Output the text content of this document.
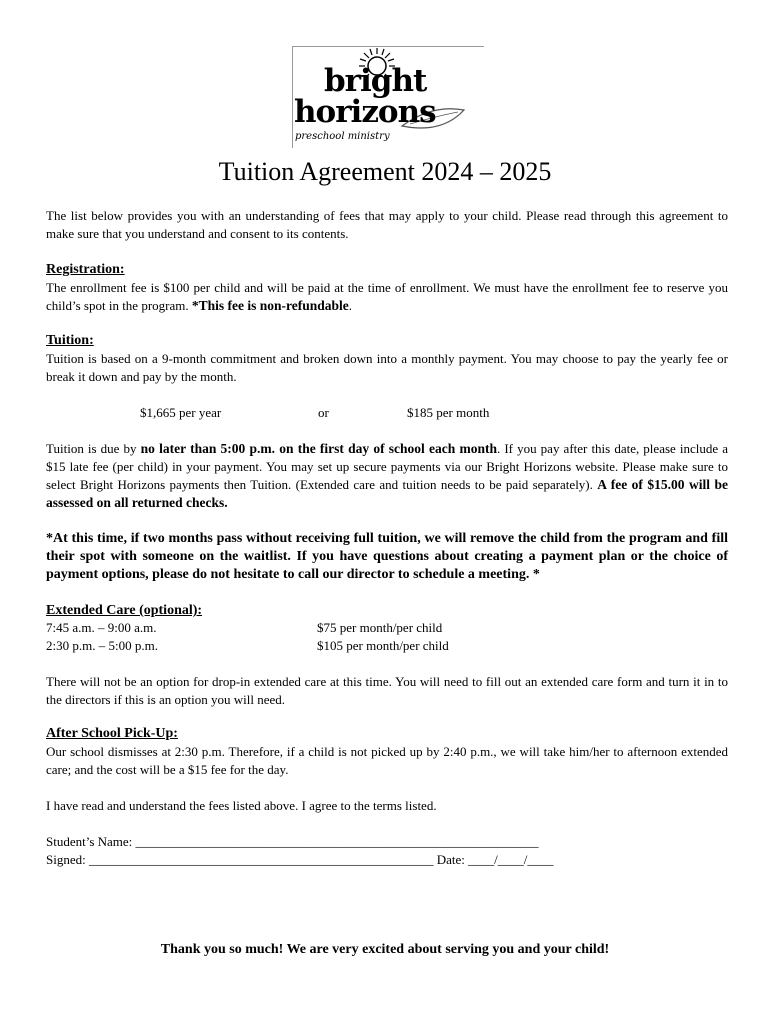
bright
horizons
preschool ministry
Tuition Agreement 2024 – 2025

The list below provides you with an understanding of fees that may apply to your child. Please read through this agreement to make sure that you understand and consent to its contents.

Registration:

The enrollment fee is $100 per child and will be paid at the time of enrollment. We must have the enrollment fee to reserve you child’s spot in the program. *This fee is non-refundable.

Tuition:

Tuition is based on a 9-month commitment and broken down into a monthly payment. You may choose to pay the yearly fee or break it down and pay by the month.

$1,665 per year	or	$185 per month

Tuition is due by no later than 5:00 p.m. on the first day of school each month. If you pay after this date, please include a $15 late fee (per child) in your payment. You may set up secure payments via our Bright Horizons website. Please make sure to select Bright Horizons payments then Tuition. (Extended care and tuition needs to be paid separately). A fee of $15.00 will be assessed on all returned checks.

*At this time, if two months pass without receiving full tuition, we will remove the child from the program and fill their spot with someone on the waitlist. If you have questions about creating a payment plan or the choice of payment options, please do not hesitate to call our director to schedule a meeting. *
Extended Care (optional):
7:45 a.m. – 9:00 a.m.	$75 per month/per child
2:30 p.m. – 5:00 p.m.	$105 per month/per child

There will not be an option for drop-in extended care at this time. You will need to fill out an extended care form and turn it in to the directors if this is an option you will need.

After School Pick-Up:

Our school dismisses at 2:30 p.m. Therefore, if a child is not picked up by 2:40 p.m., we will take him/her to afternoon extended care; and the cost will be a $15 fee for the day.

I have read and understand the fees listed above. I agree to the terms listed.
Student’s Name: ______________________________________________________________
Signed: _____________________________________________________ Date: ____/____/____
Thank you so much! We are very excited about serving you and your child!
